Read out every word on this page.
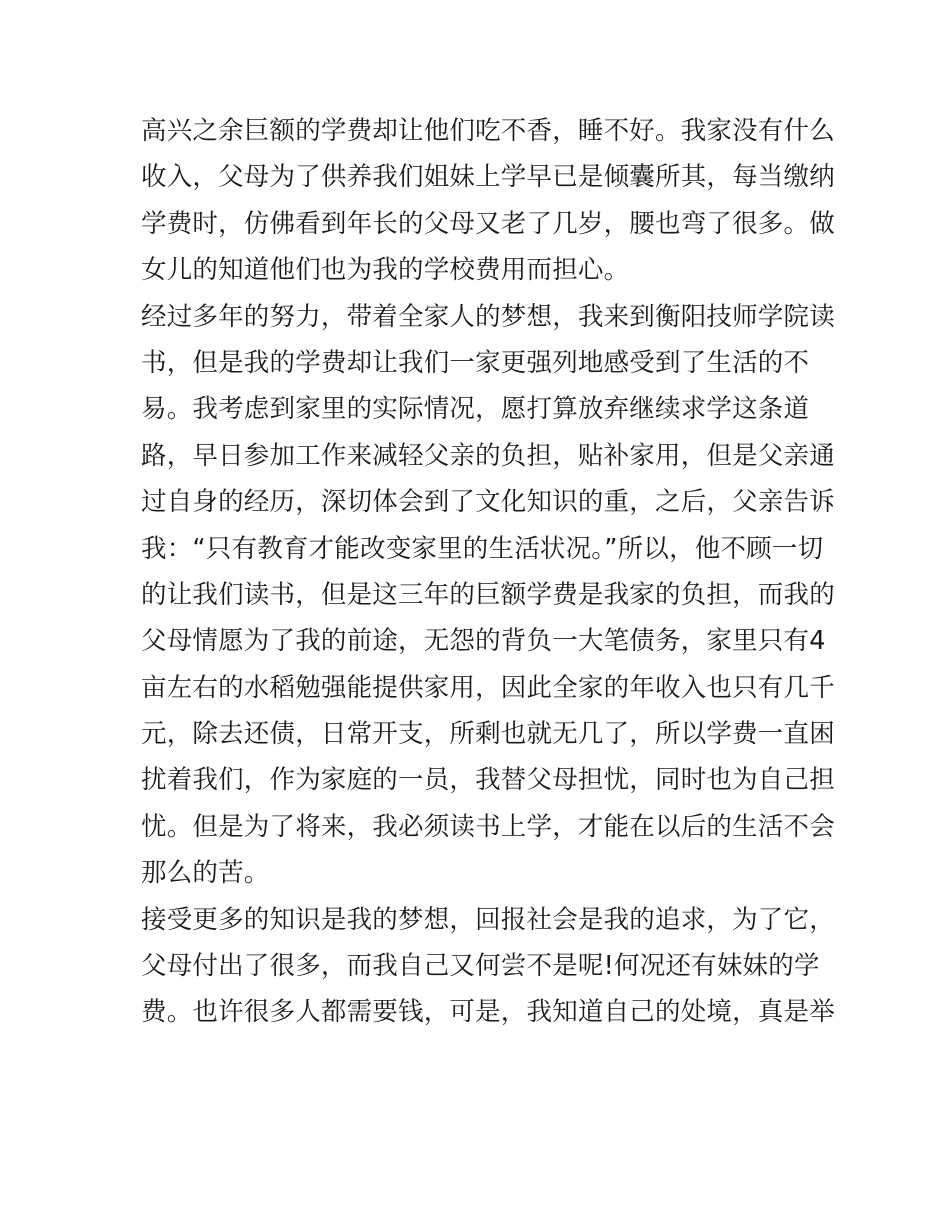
高兴之余巨额的学费却让他们吃不香，睡不好。我家没有什么
收入，父母为了供养我们姐妹上学早已是倾囊所其，每当缴纳
学费时，仿佛看到年长的父母又老了几岁，腰也弯了很多。做
女儿的知道他们也为我的学校费用而担心。
经过多年的努力，带着全家人的梦想，我来到衡阳技师学院读
书，但是我的学费却让我们一家更强列地感受到了生活的不
易。我考虑到家里的实际情况，愿打算放弃继续求学这条道
路，早日参加工作来减轻父亲的负担，贴补家用，但是父亲通
过自身的经历，深切体会到了文化知识的重，之后，父亲告诉
我：“只有教育才能改变家里的生活状况。”所以，他不顾一切
的让我们读书，但是这三年的巨额学费是我家的负担，而我的
父母情愿为了我的前途，无怨的背负一大笔债务，家里只有4
亩左右的水稻勉强能提供家用，因此全家的年收入也只有几千
元，除去还债，日常开支，所剩也就无几了，所以学费一直困
扰着我们，作为家庭的一员，我替父母担忧，同时也为自己担
忧。但是为了将来，我必须读书上学，才能在以后的生活不会
那么的苦。
接受更多的知识是我的梦想，回报社会是我的追求，为了它，
父母付出了很多，而我自己又何尝不是呢!何况还有妹妹的学
费。也许很多人都需要钱，可是，我知道自己的处境，真是举
